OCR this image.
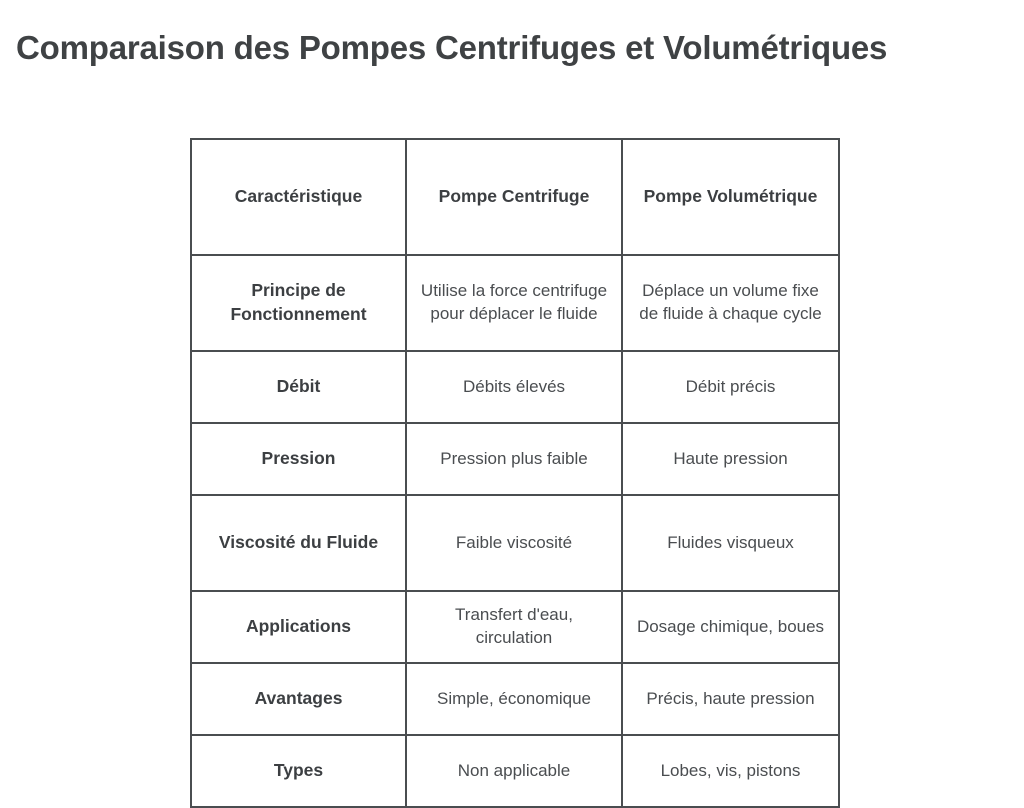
Comparaison des Pompes Centrifuges et Volumétriques
Caractéristique	Pompe Centrifuge	Pompe Volumétrique
Principe de Fonctionnement	Utilise la force centrifuge pour déplacer le fluide	Déplace un volume fixe de fluide à chaque cycle
Débit	Débits élevés	Débit précis
Pression	Pression plus faible	Haute pression
Viscosité du Fluide	Faible viscosité	Fluides visqueux
Applications	Transfert d'eau, circulation	Dosage chimique, boues
Avantages	Simple, économique	Précis, haute pression
Types	Non applicable	Lobes, vis, pistons
